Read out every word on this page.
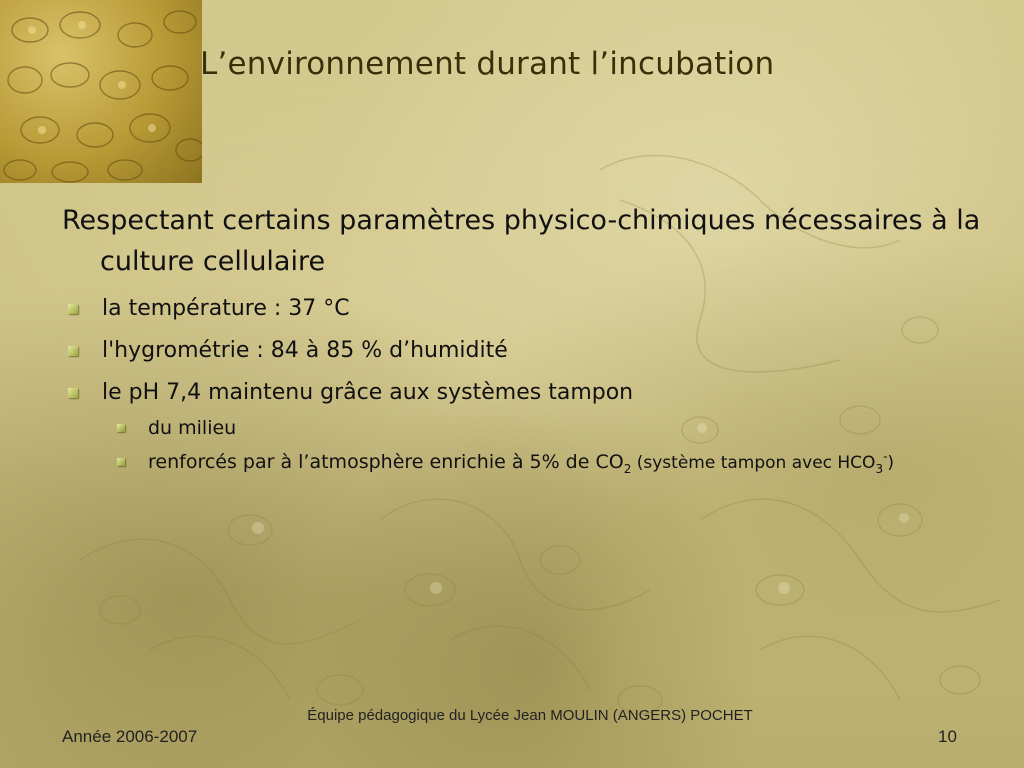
L’environnement durant l’incubation

Respectant certains paramètres physico-chimiques nécessaires à la culture cellulaire

la température : 37 °C
l'hygrométrie : 84 à 85 % d’humidité
le pH 7,4 maintenu grâce aux systèmes tampon
du milieu
renforcés par à l’atmosphère enrichie à 5% de $CO_2$ (système tampon avec $HCO_3^-$)
Année 2006-2007
Équipe pédagogique du Lycée Jean MOULIN (ANGERS) POCHET
10
